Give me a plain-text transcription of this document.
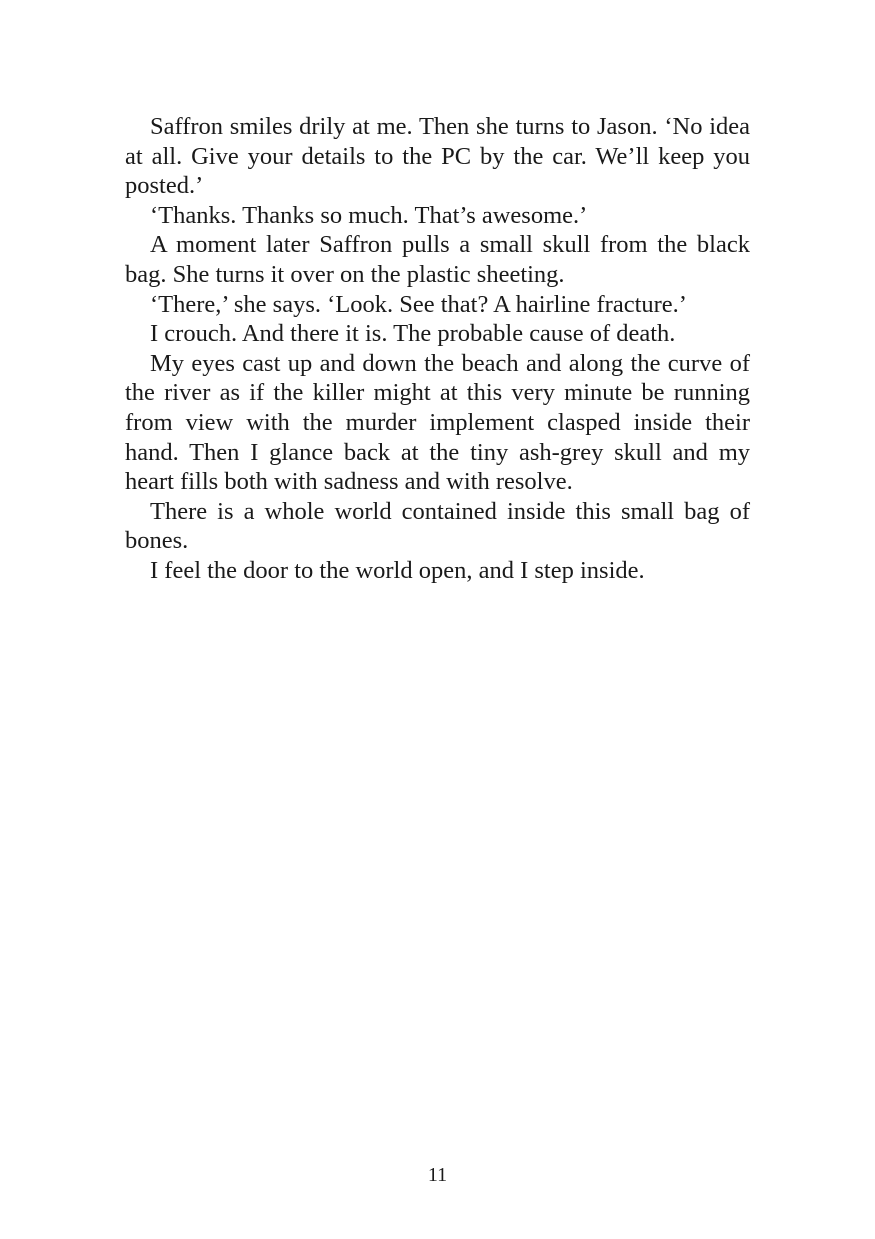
Saffron smiles drily at me. Then she turns to Jason. ‘No idea at all. Give your details to the PC by the car. We’ll keep you posted.’

‘Thanks. Thanks so much. That’s awesome.’

A moment later Saffron pulls a small skull from the black bag. She turns it over on the plastic sheeting.

‘There,’ she says. ‘Look. See that? A hairline fracture.’

I crouch. And there it is. The probable cause of death.

My eyes cast up and down the beach and along the curve of the river as if the killer might at this very minute be running from view with the murder implement clasped inside their hand. Then I glance back at the tiny ash-grey skull and my heart fills both with sadness and with resolve.

There is a whole world contained inside this small bag of bones.

I feel the door to the world open, and I step inside.

11
